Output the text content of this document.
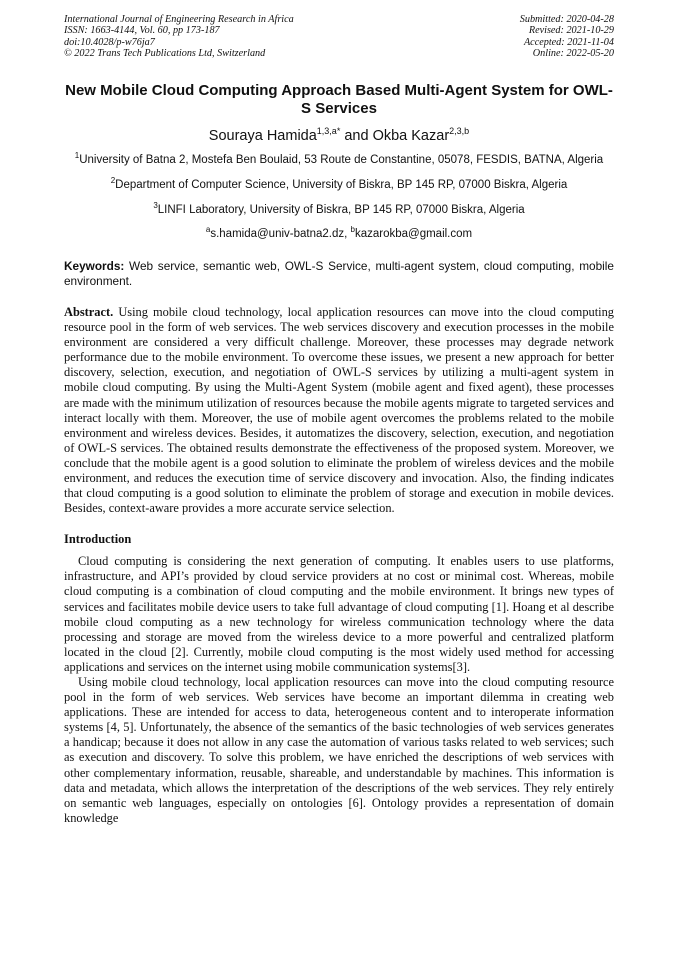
International Journal of Engineering Research in Africa
ISSN: 1663-4144, Vol. 60, pp 173-187
doi:10.4028/p-w76ja7
© 2022 Trans Tech Publications Ltd, Switzerland
Submitted: 2020-04-28
Revised: 2021-10-29
Accepted: 2021-11-04
Online: 2022-05-20
New Mobile Cloud Computing Approach Based Multi-Agent System for OWL-S Services
Souraya Hamida$^{1,3,a*}$ and Okba Kazar$^{2,3,b}$
$^1$University of Batna 2, Mostefa Ben Boulaid, 53 Route de Constantine, 05078, FESDIS, BATNA, Algeria
$^2$Department of Computer Science, University of Biskra, BP 145 RP, 07000 Biskra, Algeria
$^3$LINFI Laboratory, University of Biskra, BP 145 RP, 07000 Biskra, Algeria
$^a$s.hamida@univ-batna2.dz, $^b$kazarokba@gmail.com
Keywords: Web service, semantic web, OWL-S Service, multi-agent system, cloud computing, mobile environment.
Abstract. Using mobile cloud technology, local application resources can move into the cloud computing resource pool in the form of web services. The web services discovery and execution processes in the mobile environment are considered a very difficult challenge. Moreover, these processes may degrade network performance due to the mobile environment. To overcome these issues, we present a new approach for better discovery, selection, execution, and negotiation of OWL-S services by utilizing a multi-agent system in mobile cloud computing. By using the Multi-Agent System (mobile agent and fixed agent), these processes are made with the minimum utilization of resources because the mobile agents migrate to targeted services and interact locally with them. Moreover, the use of mobile agent overcomes the problems related to the mobile environment and wireless devices. Besides, it automatizes the discovery, selection, execution, and negotiation of OWL-S services. The obtained results demonstrate the effectiveness of the proposed system. Moreover, we conclude that the mobile agent is a good solution to eliminate the problem of wireless devices and the mobile environment, and reduces the execution time of service discovery and invocation. Also, the finding indicates that cloud computing is a good solution to eliminate the problem of storage and execution in mobile devices. Besides, context-aware provides a more accurate service selection.
Introduction
Cloud computing is considering the next generation of computing. It enables users to use platforms, infrastructure, and API’s provided by cloud service providers at no cost or minimal cost. Whereas, mobile cloud computing is a combination of cloud computing and the mobile environment. It brings new types of services and facilitates mobile device users to take full advantage of cloud computing [1]. Hoang et al describe mobile cloud computing as a new technology for wireless communication technology where the data processing and storage are moved from the wireless device to a more powerful and centralized platform located in the cloud [2]. Currently, mobile cloud computing is the most widely used method for accessing applications and services on the internet using mobile communication systems[3].
Using mobile cloud technology, local application resources can move into the cloud computing resource pool in the form of web services. Web services have become an important dilemma in creating web applications. These are intended for access to data, heterogeneous content and to interoperate information systems [4, 5]. Unfortunately, the absence of the semantics of the basic technologies of web services generates a handicap; because it does not allow in any case the automation of various tasks related to web services; such as execution and discovery. To solve this problem, we have enriched the descriptions of web services with other complementary information, reusable, shareable, and understandable by machines. This information is data and metadata, which allows the interpretation of the descriptions of the web services. They rely entirely on semantic web languages, especially on ontologies [6]. Ontology provides a representation of domain knowledge
